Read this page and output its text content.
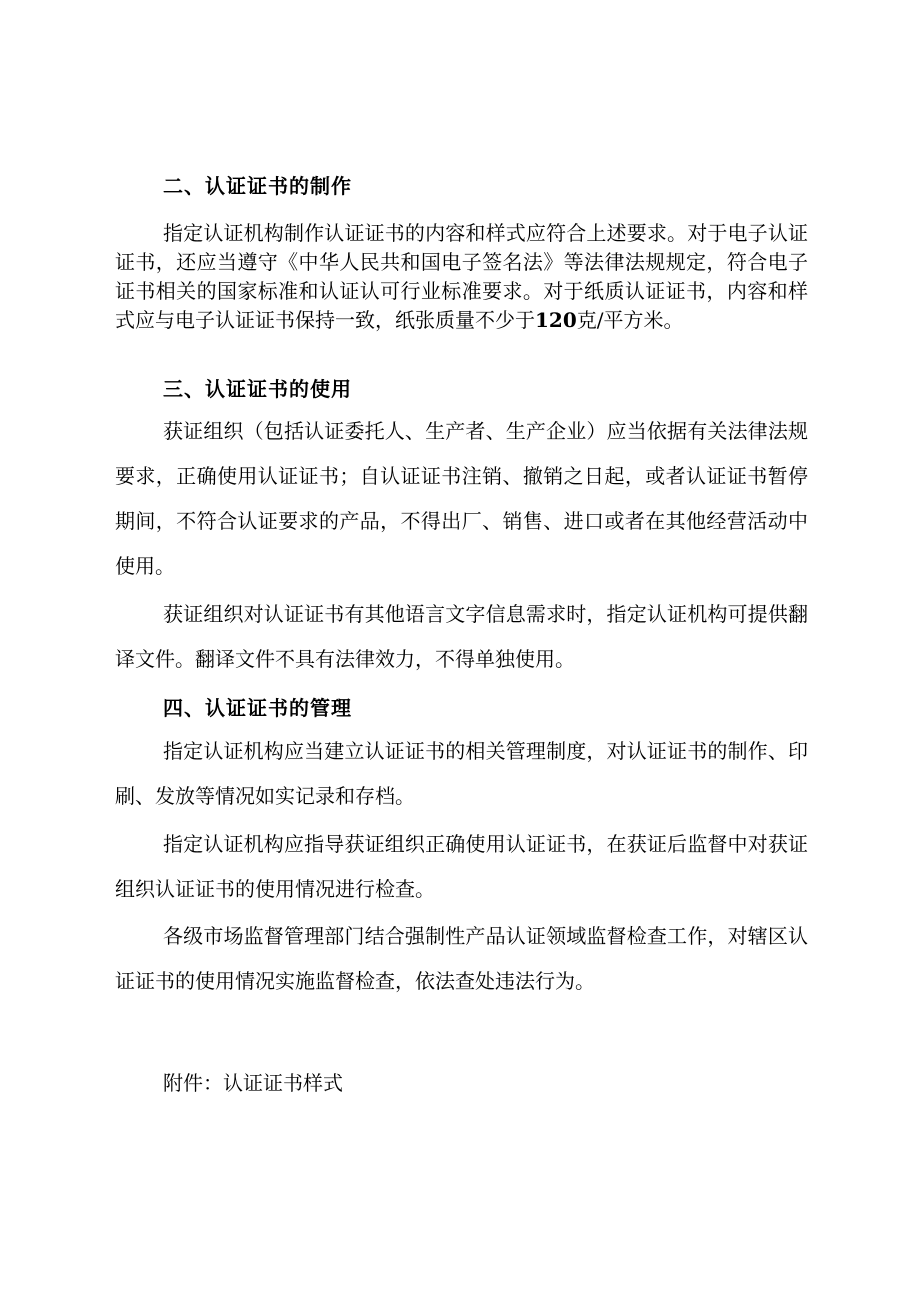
二、认证证书的制作
指定认证机构制作认证证书的内容和样式应符合上述要求。对于电子认证证书，还应当遵守《中华人民共和国电子签名法》等法律法规规定，符合电子证书相关的国家标准和认证认可行业标准要求。对于纸质认证证书，内容和样式应与电子认证证书保持一致，纸张质量不少于120克/平方米。
三、认证证书的使用
获证组织（包括认证委托人、生产者、生产企业）应当依据有关法律法规要求，正确使用认证证书；自认证证书注销、撤销之日起，或者认证证书暂停期间，不符合认证要求的产品，不得出厂、销售、进口或者在其他经营活动中使用。
获证组织对认证证书有其他语言文字信息需求时，指定认证机构可提供翻译文件。翻译文件不具有法律效力，不得单独使用。
四、认证证书的管理
指定认证机构应当建立认证证书的相关管理制度，对认证证书的制作、印刷、发放等情况如实记录和存档。
指定认证机构应指导获证组织正确使用认证证书，在获证后监督中对获证组织认证证书的使用情况进行检查。
各级市场监督管理部门结合强制性产品认证领域监督检查工作，对辖区认证证书的使用情况实施监督检查，依法查处违法行为。
附件：认证证书样式
